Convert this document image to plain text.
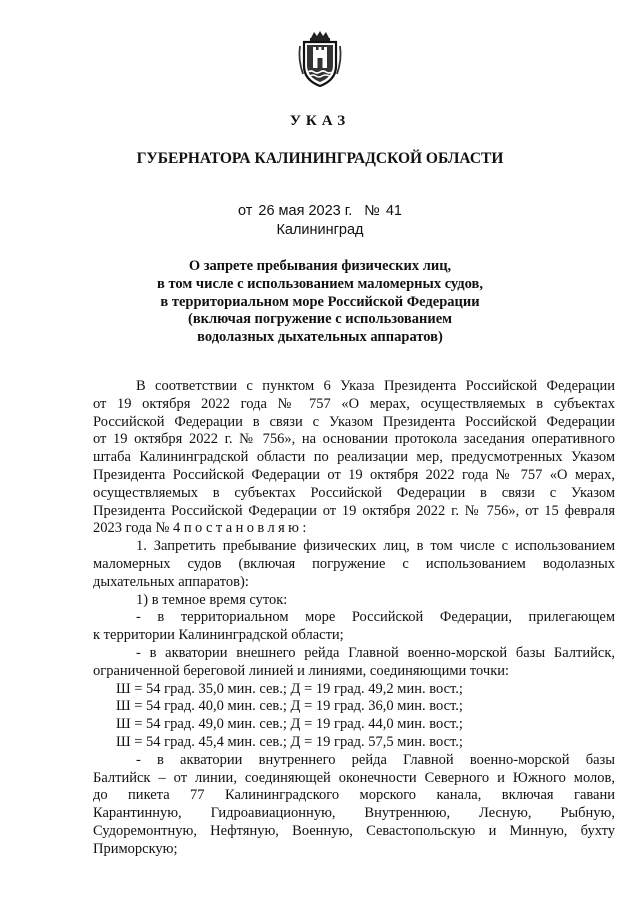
УКАЗ
ГУБЕРНАТОРА КАЛИНИНГРАДСКОЙ ОБЛАСТИ
от 26 мая 2023 г. № 41
Калининград
О запрете пребывания физических лиц,
в том числе с использованием маломерных судов,
в территориальном море Российской Федерации
(включая погружение с использованием
водолазных дыхательных аппаратов)
В соответствии с пунктом 6 Указа Президента Российской Федерации
от 19 октября 2022 года № 757 «О мерах, осуществляемых в субъектах
Российской Федерации в связи с Указом Президента Российской Федерации
от 19 октября 2022 г. № 756», на основании протокола заседания оперативного
штаба Калининградской области по реализации мер, предусмотренных Указом
Президента Российской Федерации от 19 октября 2022 года № 757 «О мерах,
осуществляемых в субъектах Российской Федерации в связи с Указом
Президента Российской Федерации от 19 октября 2022 г. № 756», от 15 февраля
2023 года № 4 постановляю:
1. Запретить пребывание физических лиц, в том числе с использованием
маломерных судов (включая погружение с использованием водолазных
дыхательных аппаратов):
1) в темное время суток:
- в территориальном море Российской Федерации, прилегающем
к территории Калининградской области;
- в акватории внешнего рейда Главной военно-морской базы Балтийск,
ограниченной береговой линией и линиями, соединяющими точки:
Ш = 54 град. 35,0 мин. сев.; Д = 19 град. 49,2 мин. вост.;
Ш = 54 град. 40,0 мин. сев.; Д = 19 град. 36,0 мин. вост.;
Ш = 54 град. 49,0 мин. сев.; Д = 19 град. 44,0 мин. вост.;
Ш = 54 град. 45,4 мин. сев.; Д = 19 град. 57,5 мин. вост.;
- в акватории внутреннего рейда Главной военно-морской базы
Балтийск – от линии, соединяющей оконечности Северного и Южного молов,
до пикета 77 Калининградского морского канала, включая гавани
Карантинную, Гидроавиационную, Внутреннюю, Лесную, Рыбную,
Судоремонтную, Нефтяную, Военную, Севастопольскую и Минную, бухту
Приморскую;
